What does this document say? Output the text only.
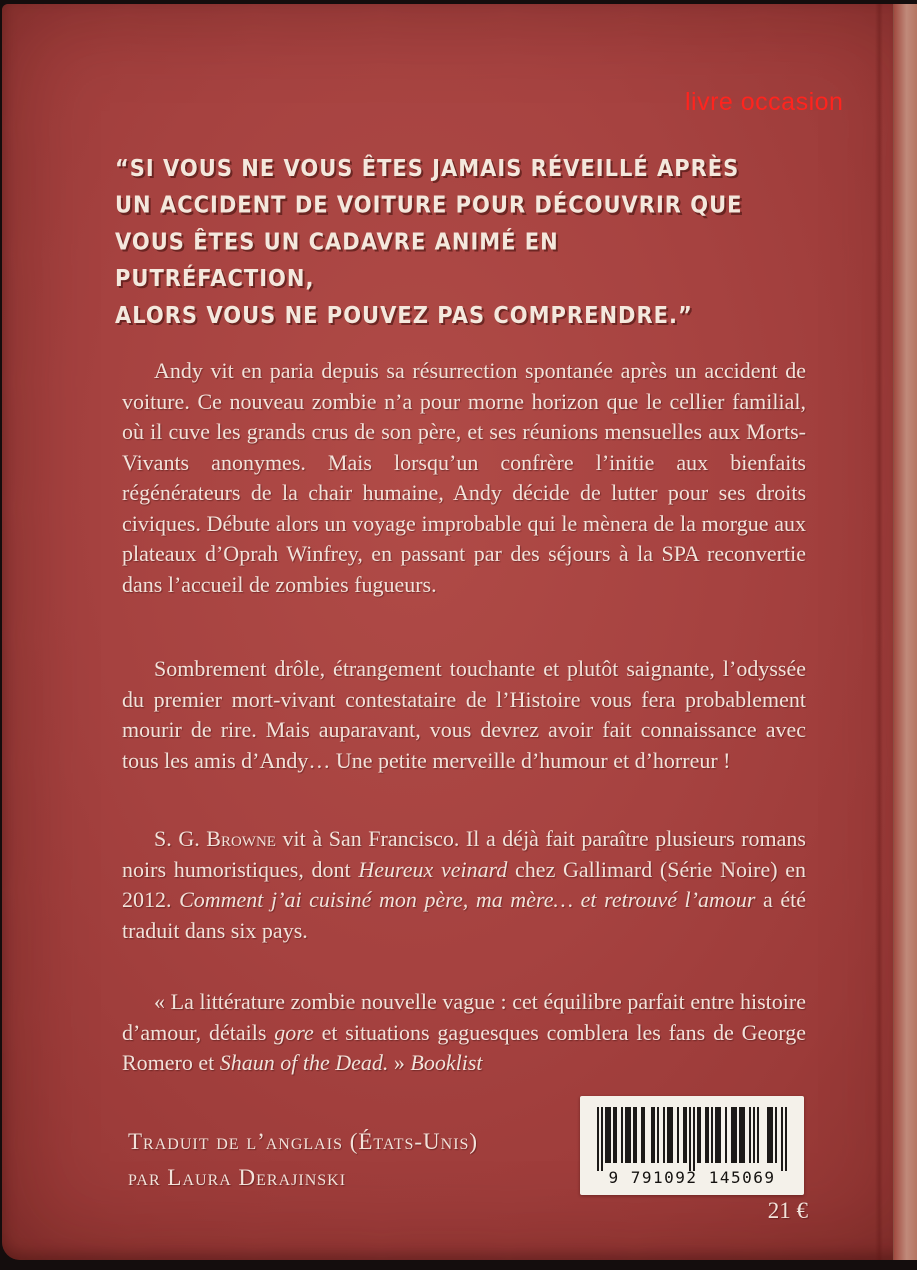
livre occasion
“SI VOUS NE VOUS ÊTES JAMAIS RÉVEILLÉ APRÈS
UN ACCIDENT DE VOITURE POUR DÉCOUVRIR QUE
VOUS ÊTES UN CADAVRE ANIMÉ EN PUTRÉFACTION,
ALORS VOUS NE POUVEZ PAS COMPRENDRE.”
Andy vit en paria depuis sa résurrection spontanée après un accident de voiture. Ce nouveau zombie n’a pour morne horizon que le cellier familial, où il cuve les grands crus de son père, et ses réunions mensuelles aux Morts-Vivants anonymes. Mais lorsqu’un confrère l’initie aux bienfaits régénérateurs de la chair humaine, Andy décide de lutter pour ses droits civiques. Débute alors un voyage improbable qui le mènera de la morgue aux plateaux d’Oprah Winfrey, en passant par des séjours à la SPA reconvertie dans l’accueil de zombies fugueurs.
Sombrement drôle, étrangement touchante et plutôt saignante, l’odyssée du premier mort-vivant contestataire de l’Histoire vous fera probablement mourir de rire. Mais auparavant, vous devrez avoir fait connaissance avec tous les amis d’Andy… Une petite merveille d’humour et d’horreur !
S. G. Browne vit à San Francisco. Il a déjà fait paraître plusieurs romans noirs humoristiques, dont Heureux veinard chez Gallimard (Série Noire) en 2012. Comment j’ai cuisiné mon père, ma mère… et retrouvé l’amour a été traduit dans six pays.
« La littérature zombie nouvelle vague : cet équilibre parfait entre histoire d’amour, détails gore et situations gaguesques comblera les fans de George Romero et Shaun of the Dead. » Booklist
Traduit de l’anglais (États-Unis)
par Laura Derajinski	9 791092 145069
21 €
